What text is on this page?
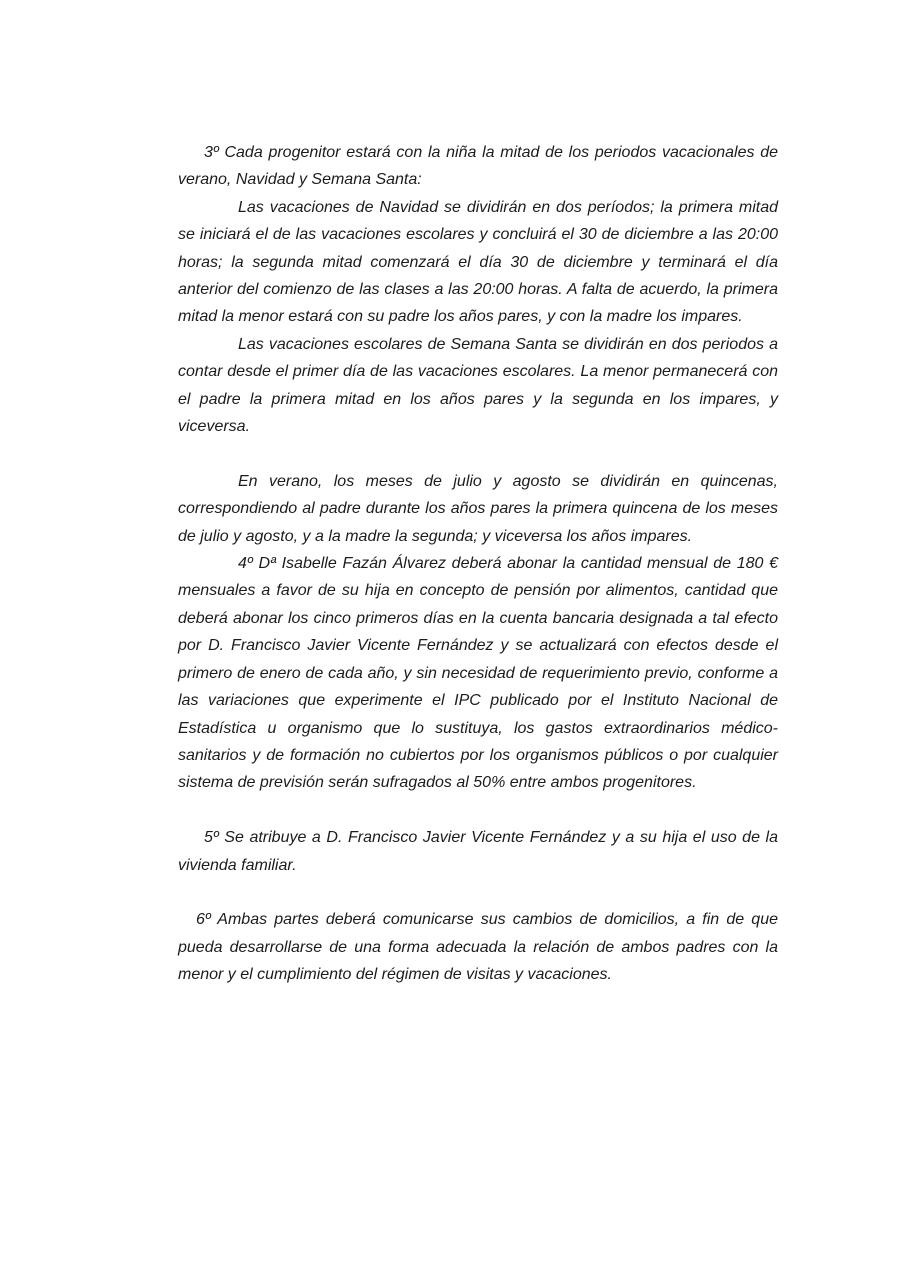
3º Cada progenitor estará con la niña la mitad de los periodos vacacionales de verano, Navidad y Semana Santa:

Las vacaciones de Navidad se dividirán en dos períodos; la primera mitad se iniciará el de las vacaciones escolares y concluirá el 30 de diciembre a las 20:00 horas; la segunda mitad comenzará el día 30 de diciembre y terminará el día anterior del comienzo de las clases a las 20:00 horas. A falta de acuerdo, la primera mitad la menor estará con su padre los años pares, y con la madre los impares.

Las vacaciones escolares de Semana Santa se dividirán en dos periodos a contar desde el primer día de las vacaciones escolares. La menor permanecerá con el padre la primera mitad en los años pares y la segunda en los impares, y viceversa.

En verano, los meses de julio y agosto se dividirán en quincenas, correspondiendo al padre durante los años pares la primera quincena de los meses de julio y agosto, y a la madre la segunda; y viceversa los años impares.

4º Dª Isabelle Fazán Álvarez deberá abonar la cantidad mensual de 180 € mensuales a favor de su hija en concepto de pensión por alimentos, cantidad que deberá abonar los cinco primeros días en la cuenta bancaria designada a tal efecto por D. Francisco Javier Vicente Fernández y se actualizará con efectos desde el primero de enero de cada año, y sin necesidad de requerimiento previo, conforme a las variaciones que experimente el IPC publicado por el Instituto Nacional de Estadística u organismo que lo sustituya, los gastos extraordinarios médico-sanitarios y de formación no cubiertos por los organismos públicos o por cualquier sistema de previsión serán sufragados al 50% entre ambos progenitores.

5º Se atribuye a D. Francisco Javier Vicente Fernández y a su hija el uso de la vivienda familiar.

6º Ambas partes deberá comunicarse sus cambios de domicilios, a fin de que pueda desarrollarse de una forma adecuada la relación de ambos padres con la menor y el cumplimiento del régimen de visitas y vacaciones.
